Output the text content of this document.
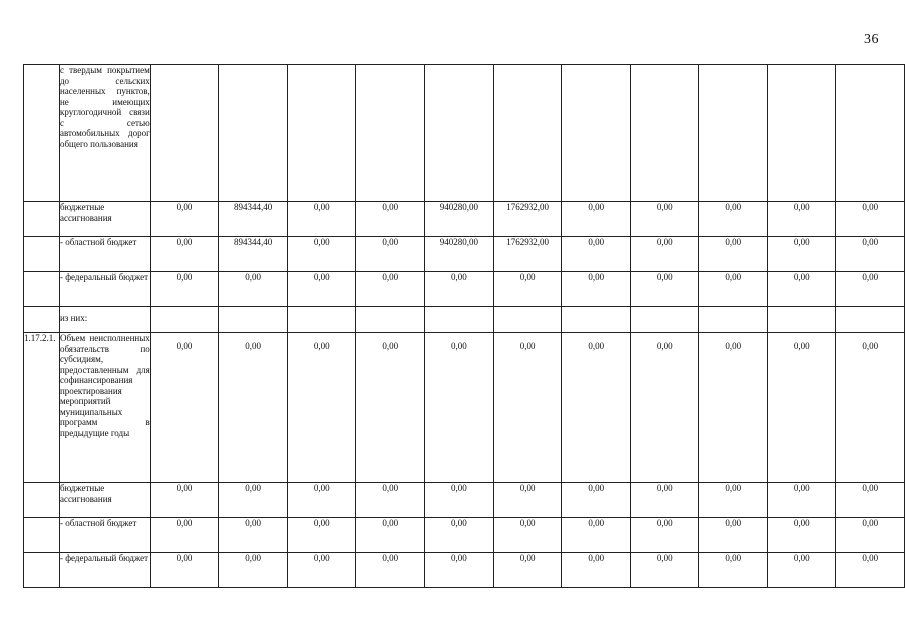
36
	с твердым покрытием до сельских населенных пунктов, не имеющих круглогодичной связи с сетью автомобильных дорог общего пользования											
	бюджетные ассигнования	0,00	894344,40	0,00	0,00	940280,00	1762932,00	0,00	0,00	0,00	0,00	0,00
	- областной бюджет	0,00	894344,40	0,00	0,00	940280,00	1762932,00	0,00	0,00	0,00	0,00	0,00
	- федеральный бюджет	0,00	0,00	0,00	0,00	0,00	0,00	0,00	0,00	0,00	0,00	0,00
	из них:											
1.17.2.1.	Объем неисполненных обязательств по субсидиям, предоставленным для софинансирования проектирования мероприятий муниципальных программ в предыдущие годы	0,00	0,00	0,00	0,00	0,00	0,00	0,00	0,00	0,00	0,00	0,00
	бюджетные ассигнования	0,00	0,00	0,00	0,00	0,00	0,00	0,00	0,00	0,00	0,00	0,00
	- областной бюджет	0,00	0,00	0,00	0,00	0,00	0,00	0,00	0,00	0,00	0,00	0,00
	- федеральный бюджет	0,00	0,00	0,00	0,00	0,00	0,00	0,00	0,00	0,00	0,00	0,00
